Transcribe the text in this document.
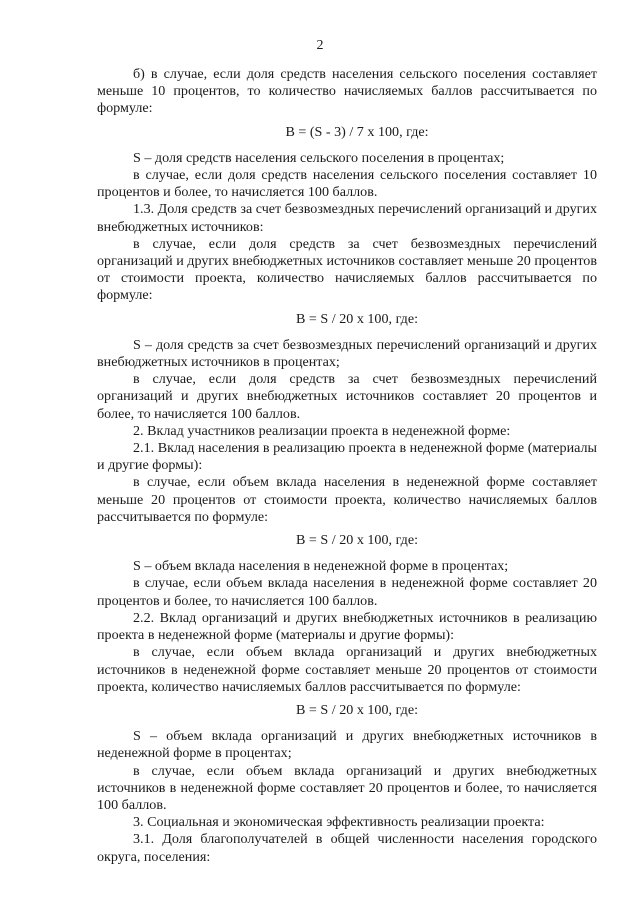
2

б) в случае, если доля средств населения сельского поселения составляет меньше 10 процентов, то количество начисляемых баллов рассчитывается по формуле:

B = (S - 3) / 7 x 100, где:

S – доля средств населения сельского поселения в процентах;

в случае, если доля средств населения сельского поселения составляет 10 процентов и более, то начисляется 100 баллов.

1.3. Доля средств за счет безвозмездных перечислений организаций и других внебюджетных источников:

в случае, если доля средств за счет безвозмездных перечислений организаций и других внебюджетных источников составляет меньше 20 процентов от стоимости проекта, количество начисляемых баллов рассчитывается по формуле:

B = S / 20 x 100, где:

S – доля средств за счет безвозмездных перечислений организаций и других внебюджетных источников в процентах;

в случае, если доля средств за счет безвозмездных перечислений организаций и других внебюджетных источников составляет 20 процентов и более, то начисляется 100 баллов.

2. Вклад участников реализации проекта в неденежной форме:

2.1. Вклад населения в реализацию проекта в неденежной форме (материалы и другие формы):

в случае, если объем вклада населения в неденежной форме составляет меньше 20 процентов от стоимости проекта, количество начисляемых баллов рассчитывается по формуле:

B = S / 20 x 100, где:

S – объем вклада населения в неденежной форме в процентах;

в случае, если объем вклада населения в неденежной форме составляет 20 процентов и более, то начисляется 100 баллов.

2.2. Вклад организаций и других внебюджетных источников в реализацию проекта в неденежной форме (материалы и другие формы):

в случае, если объем вклада организаций и других внебюджетных источников в неденежной форме составляет меньше 20 процентов от стоимости проекта, количество начисляемых баллов рассчитывается по формуле:

B = S / 20 x 100, где:

S – объем вклада организаций и других внебюджетных источников в неденежной форме в процентах;

в случае, если объем вклада организаций и других внебюджетных источников в неденежной форме составляет 20 процентов и более, то начисляется 100 баллов.

3. Социальная и экономическая эффективность реализации проекта:

3.1. Доля благополучателей в общей численности населения городского округа, поселения:
